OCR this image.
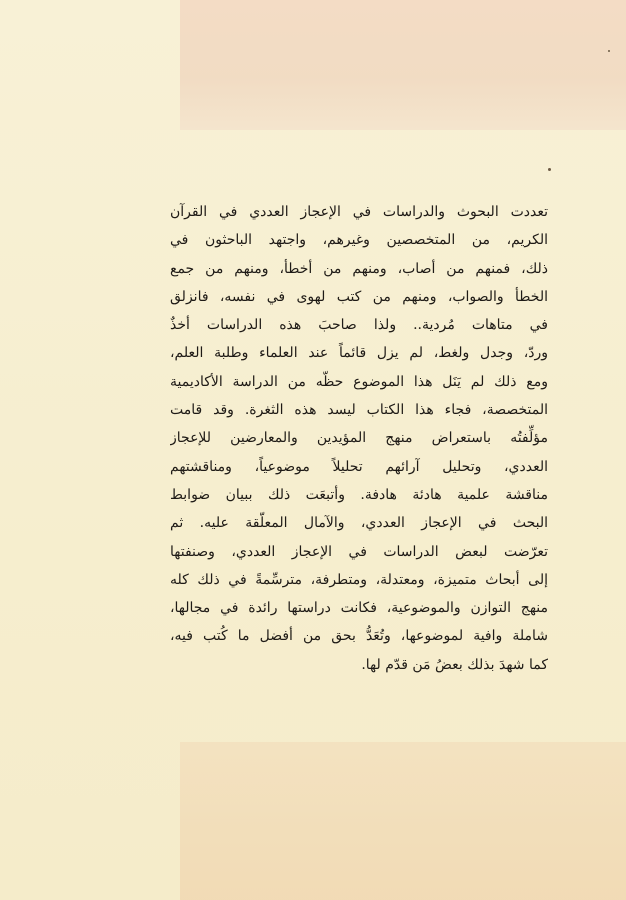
تعددت البحوث والدراسات في الإعجاز العددي في القرآن
الكريم، من المتخصصين وغيرهم، واجتهد الباحثون في
ذلك، فمنهم من أصاب، ومنهم من أخطأ، ومنهم من جمع
الخطأ والصواب، ومنهم من كتب لهوى في نفسه، فانزلق
في متاهات مُردية.. ولذا صاحبَ هذه الدراسات أخذٌ
وردّ، وجدل ولغط، لم يزل قائماً عند العلماء وطلبة العلم،
ومع ذلك لم يَنَل هذا الموضوع حظّه من الدراسة الأكاديمية
المتخصصة، فجاء هذا الكتاب ليسد هذه الثغرة. وقد قامت
مؤلِّفتُه باستعراض منهج المؤيدين والمعارضين للإعجاز
العددي، وتحليل آرائهم تحليلاً موضوعياً، ومناقشتهم
مناقشة علمية هادئة هادفة. وأتبعَت ذلك ببيان ضوابط
البحث في الإعجاز العددي، والآمال المعلّقة عليه. ثم
تعرّضت لبعض الدراسات في الإعجاز العددي، وصنفتها
إلى أبحاث متميزة، ومعتدلة، ومتطرفة، مترسِّمةً في ذلك كله
منهج التوازن والموضوعية، فكانت دراستها رائدة في مجالها،
شاملة وافية لموضوعها، وتُعَدُّ بحق من أفضل ما كُتب فيه،
كما شهدَ بذلك بعضُ مَن قدّم لها.
